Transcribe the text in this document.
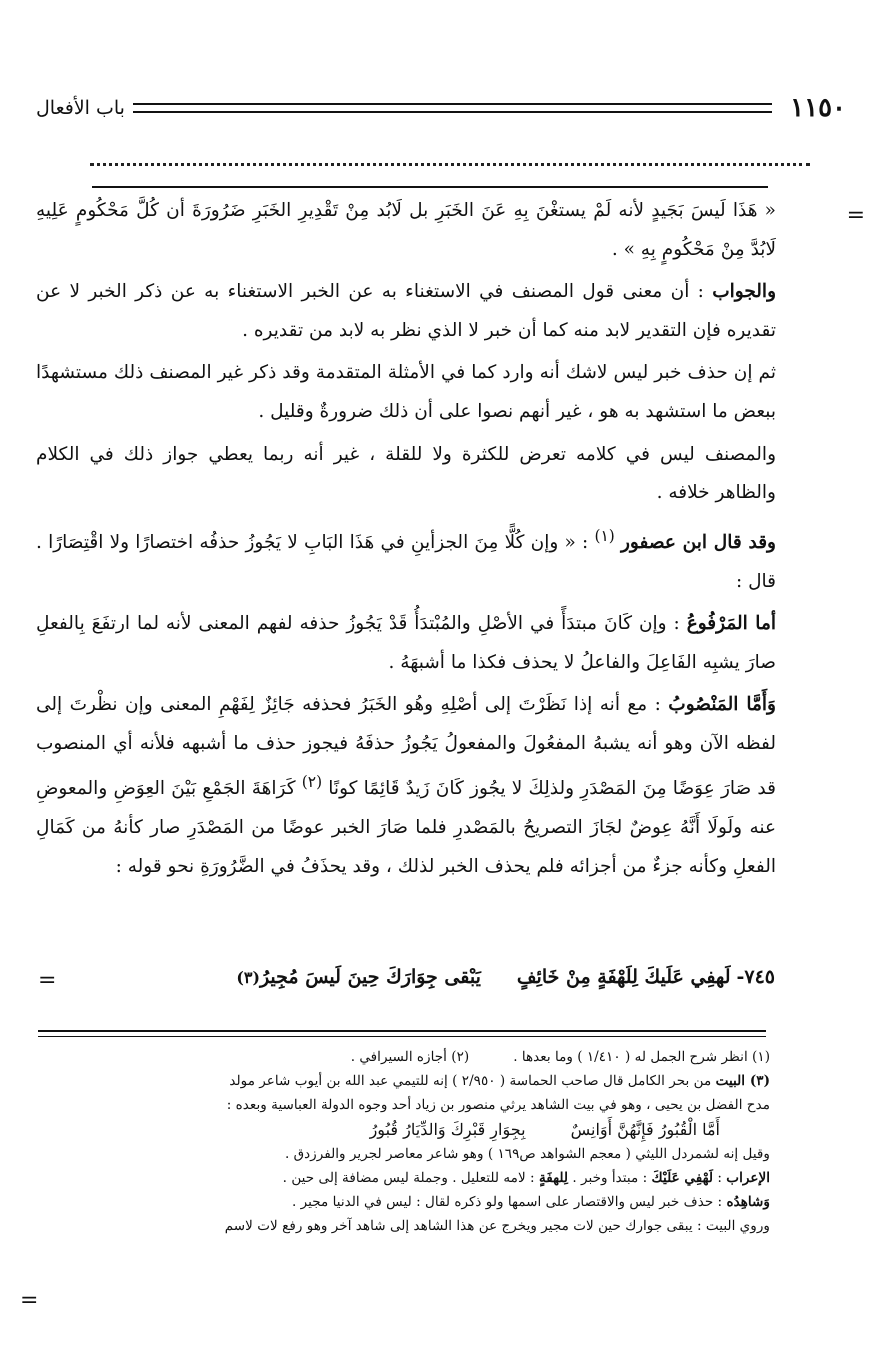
١١٥٠
باب الأفعال
=

« هَذَا لَيسَ بَجَيدٍ لأنه لَمْ يستغْنَ بِهِ عَنَ الخَبَرِ بل لَابُد مِنْ تَقْدِيرِ الخَبَرِ ضَرُورَةَ أن كُلَّ مَحْكُومٍ عَلِيهِ لَابُدَّ مِنْ مَحْكُومٍ بِهِ » .

والجواب : أن معنى قول المصنف في الاستغناء به عن الخبر الاستغناء به عن ذكر الخبر لا عن تقديره فإن التقدير لابد منه كما أن خبر لا الذي نظر به لابد من تقديره .

ثم إن حذف خبر ليس لاشك أنه وارد كما في الأمثلة المتقدمة وقد ذكر غير المصنف ذلك مستشهدًا ببعض ما استشهد به هو ، غير أنهم نصوا على أن ذلك ضرورةٌ وقليل .

والمصنف ليس في كلامه تعرض للكثرة ولا للقلة ، غير أنه ربما يعطي جواز ذلك في الكلام والظاهر خلافه .

وقد قال ابن عصفور $^{(١)}$ : « وإن كُلًّا مِنَ الجزأينِ في هَذَا البَابِ لا يَجُوزُ حذفُه اختصارًا ولا اقْتِصَارًا . قال :

أما المَرْفُوعُ : وإن كَانَ مبتدَأً في الأصْلِ والمُبْتدَأُ قَدْ يَجُوزُ حذفه لفهم المعنى لأنه لما ارتفَعَ بِالفعلِ صارَ يشبِه الفَاعِلَ والفاعلُ لا يحذف فكذا ما أشبهَهُ .

وَأَمَّا المَنْصُوبُ : مع أنه إذا نَظَرْتَ إلى أصْلِهِ وهُو الخَبَرُ فحذفه جَائِزٌ لِفَهْمِ المعنى وإن نظْرتَ إلى لفظه الآن وهو أنه يشبهُ المفعُولَ والمفعولُ يَجُوزُ حذفَهُ فيجوز حذف ما أشبهه فلأنه أي المنصوب قد صَارَ عِوَضًا مِنَ المَصْدَرِ ولذلِكَ لا يجُوز كَانَ زَيدٌ قَائِمًا كونًا $^{(٢)}$ كَرَاهَةَ الجَمْعِ بَيْنَ العِوَضِ والمعوضِ عنه ولَولَا أَنَّهُ عِوضٌ لجَازَ التصريحُ بالمَصْدرِ فلما صَارَ الخبر عوضًا من المَصْدَرِ صار كأنهُ من كَمَالِ الفعلِ وكأنه جزءٌ من أجزائه فلم يحذف الخبر لذلك ، وقد يحذَفُ في الضَّرُورَةِ نحو قوله :

٧٤٥-
لَهفِي عَلَيكَ لِلَهْفَةٍ مِنْ خَائِفٍ
يَبْقى جِوَارَكَ حِينَ لَيسَ مُجِيرُ
(٣)
=
(١) انظر شرح الجمل له ( ١/٤١٠ ) وما بعدها .
(٢) أجازه السيرافي .
(٣) البيت من بحر الكامل قال صاحب الحماسة ( ٢/٩٥٠ ) إنه للتيمي عبد الله بن أيوب شاعر مولد
مدح الفضل بن يحيى ، وهو في بيت الشاهد يرثي منصور بن زياد أحد وجوه الدولة العباسية وبعده :
أَمَّا الْقُبُورُ فَإِنَّهُنَّ أَوَانِسٌ بِجِوَارِ قَبْرِكَ وَالدِّيَارُ قُبُورُ
وقيل إنه لشمردل الليثي ( معجم الشواهد ص١٦٩ ) وهو شاعر معاصر لجرير والفرزدق .
الإعراب : لَهْفِي عَلَيْكَ : مبتدأ وخبر . لِلهفَةٍ : لامه للتعليل . وجملة ليس مضافة إلى حين .
وَشاهِدُه : حذف خبر ليس والاقتصار على اسمها ولو ذكره لقال : ليس في الدنيا مجير .
وروي البيت : يبقى جوارك حين لات مجير ويخرج عن هذا الشاهد إلى شاهد آخر وهو رفع لات لاسم
=
